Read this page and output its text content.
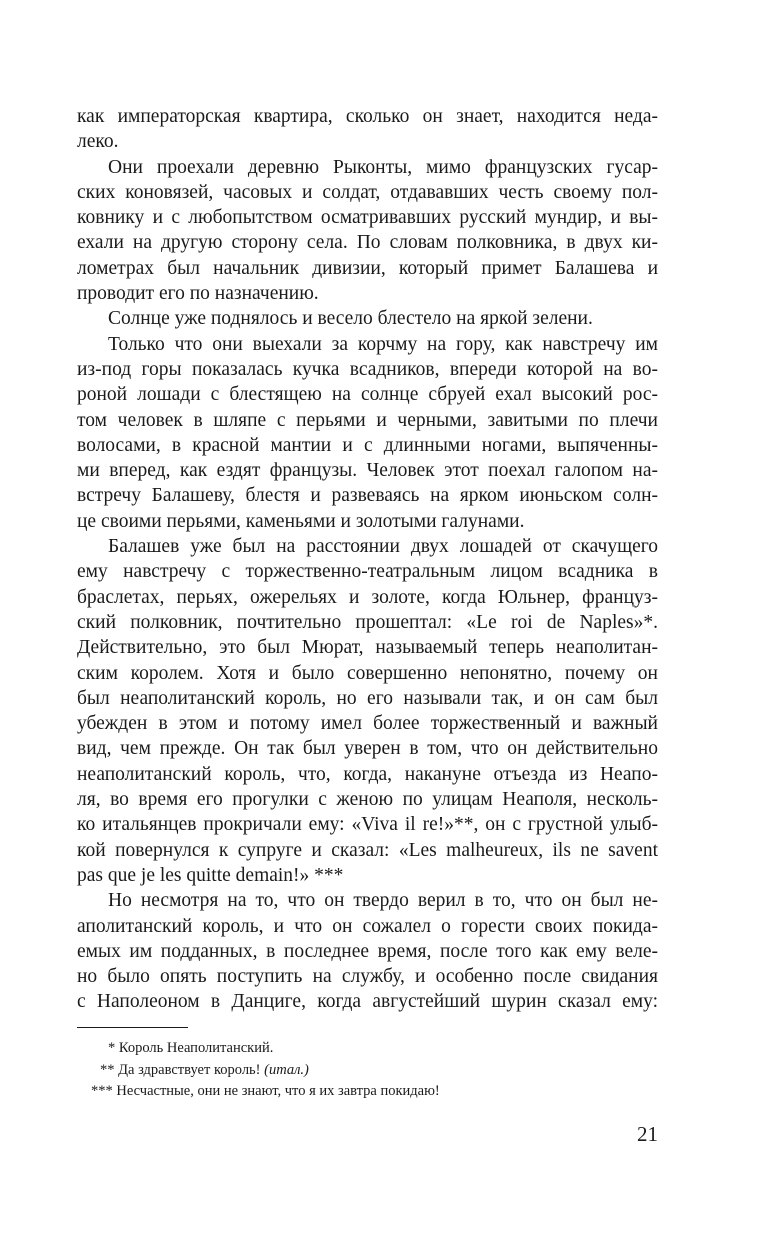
как императорская квартира, сколько он знает, находится неда-
леко.
Они проехали деревню Рыконты, мимо французских гусар-
ских коновязей, часовых и солдат, отдававших честь своему пол-
ковнику и с любопытством осматривавших русский мундир, и вы-
ехали на другую сторону села. По словам полковника, в двух ки-
лометрах был начальник дивизии, который примет Балашева и
проводит его по назначению.
Солнце уже поднялось и весело блестело на яркой зелени.
Только что они выехали за корчму на гору, как навстречу им
из-под горы показалась кучка всадников, впереди которой на во-
роной лошади с блестящею на солнце сбруей ехал высокий рос-
том человек в шляпе с перьями и черными, завитыми по плечи
волосами, в красной мантии и с длинными ногами, выпяченны-
ми вперед, как ездят французы. Человек этот поехал галопом на-
встречу Балашеву, блестя и развеваясь на ярком июньском солн-
це своими перьями, каменьями и золотыми галунами.
Балашев уже был на расстоянии двух лошадей от скачущего
ему навстречу с торжественно-театральным лицом всадника в
браслетах, перьях, ожерельях и золоте, когда Юльнер, француз-
ский полковник, почтительно прошептал: «Le roi de Naples»*.
Действительно, это был Мюрат, называемый теперь неаполитан-
ским королем. Хотя и было совершенно непонятно, почему он
был неаполитанский король, но его называли так, и он сам был
убежден в этом и потому имел более торжественный и важный
вид, чем прежде. Он так был уверен в том, что он действительно
неаполитанский король, что, когда, накануне отъезда из Неапо-
ля, во время его прогулки с женою по улицам Неаполя, несколь-
ко итальянцев прокричали ему: «Viva il re!»**, он с грустной улыб-
кой повернулся к супруге и сказал: «Les malheureux, ils ne savent
pas que je les quitte demain!» ***
Но несмотря на то, что он твердо верил в то, что он был не-
аполитанский король, и что он сожалел о горести своих покида-
емых им подданных, в последнее время, после того как ему веле-
но было опять поступить на службу, и особенно после свидания
с Наполеоном в Данциге, когда августейший шурин сказал ему:
* Король Неаполитанский.
** Да здравствует король! (итал.)
*** Несчастные, они не знают, что я их завтра покидаю!
21
